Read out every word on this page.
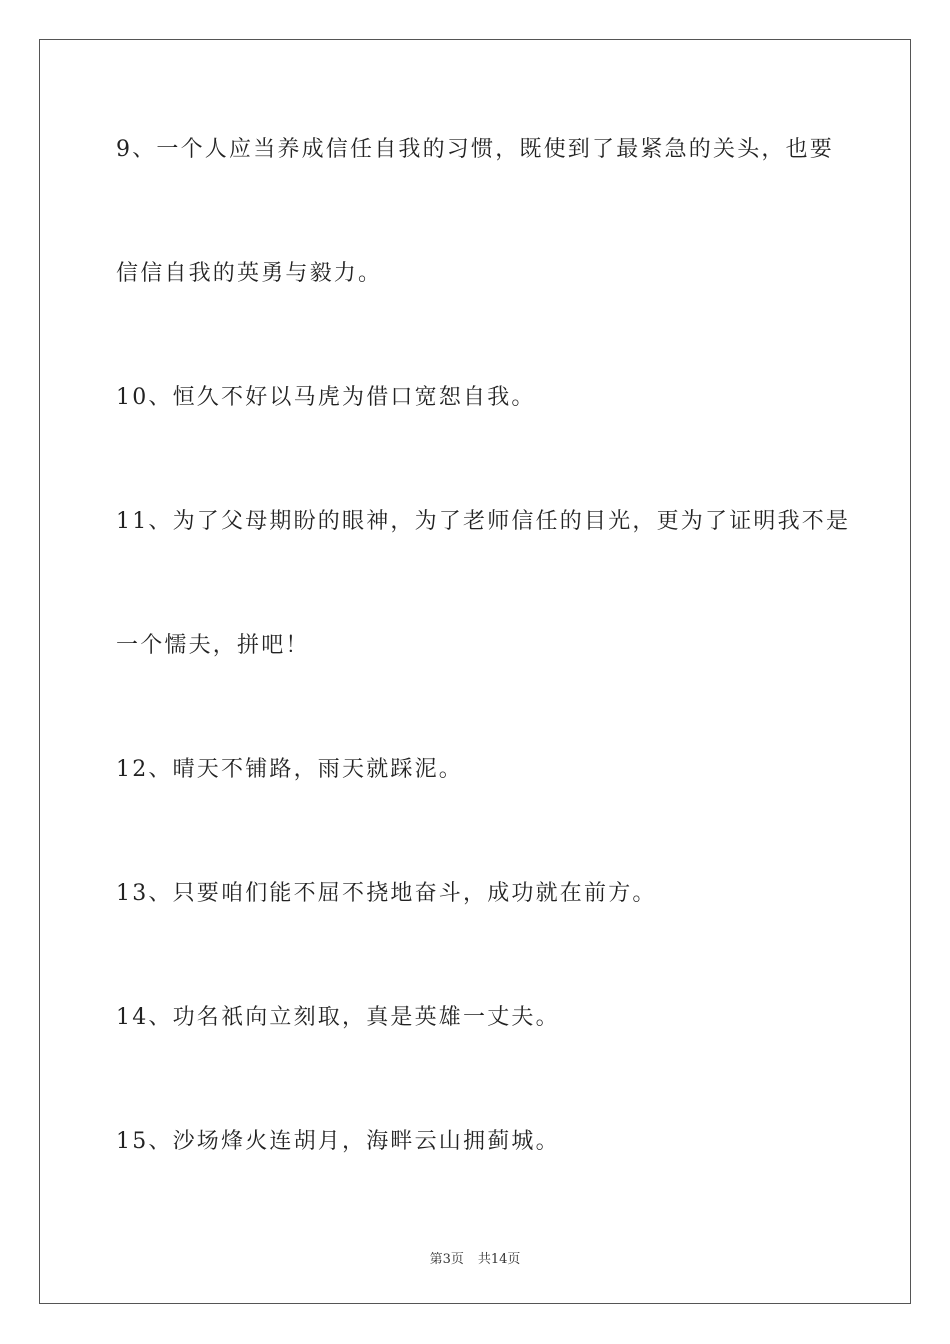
9、一个人应当养成信任自我的习惯，既使到了最紧急的关头，也要
信信自我的英勇与毅力。
10、恒久不好以马虎为借口宽恕自我。
11、为了父母期盼的眼神，为了老师信任的目光，更为了证明我不是
一个懦夫，拼吧！
12、晴天不铺路，雨天就踩泥。
13、只要咱们能不屈不挠地奋斗，成功就在前方。
14、功名祇向立刻取，真是英雄一丈夫。
15、沙场烽火连胡月，海畔云山拥蓟城。
第3页 共14页
